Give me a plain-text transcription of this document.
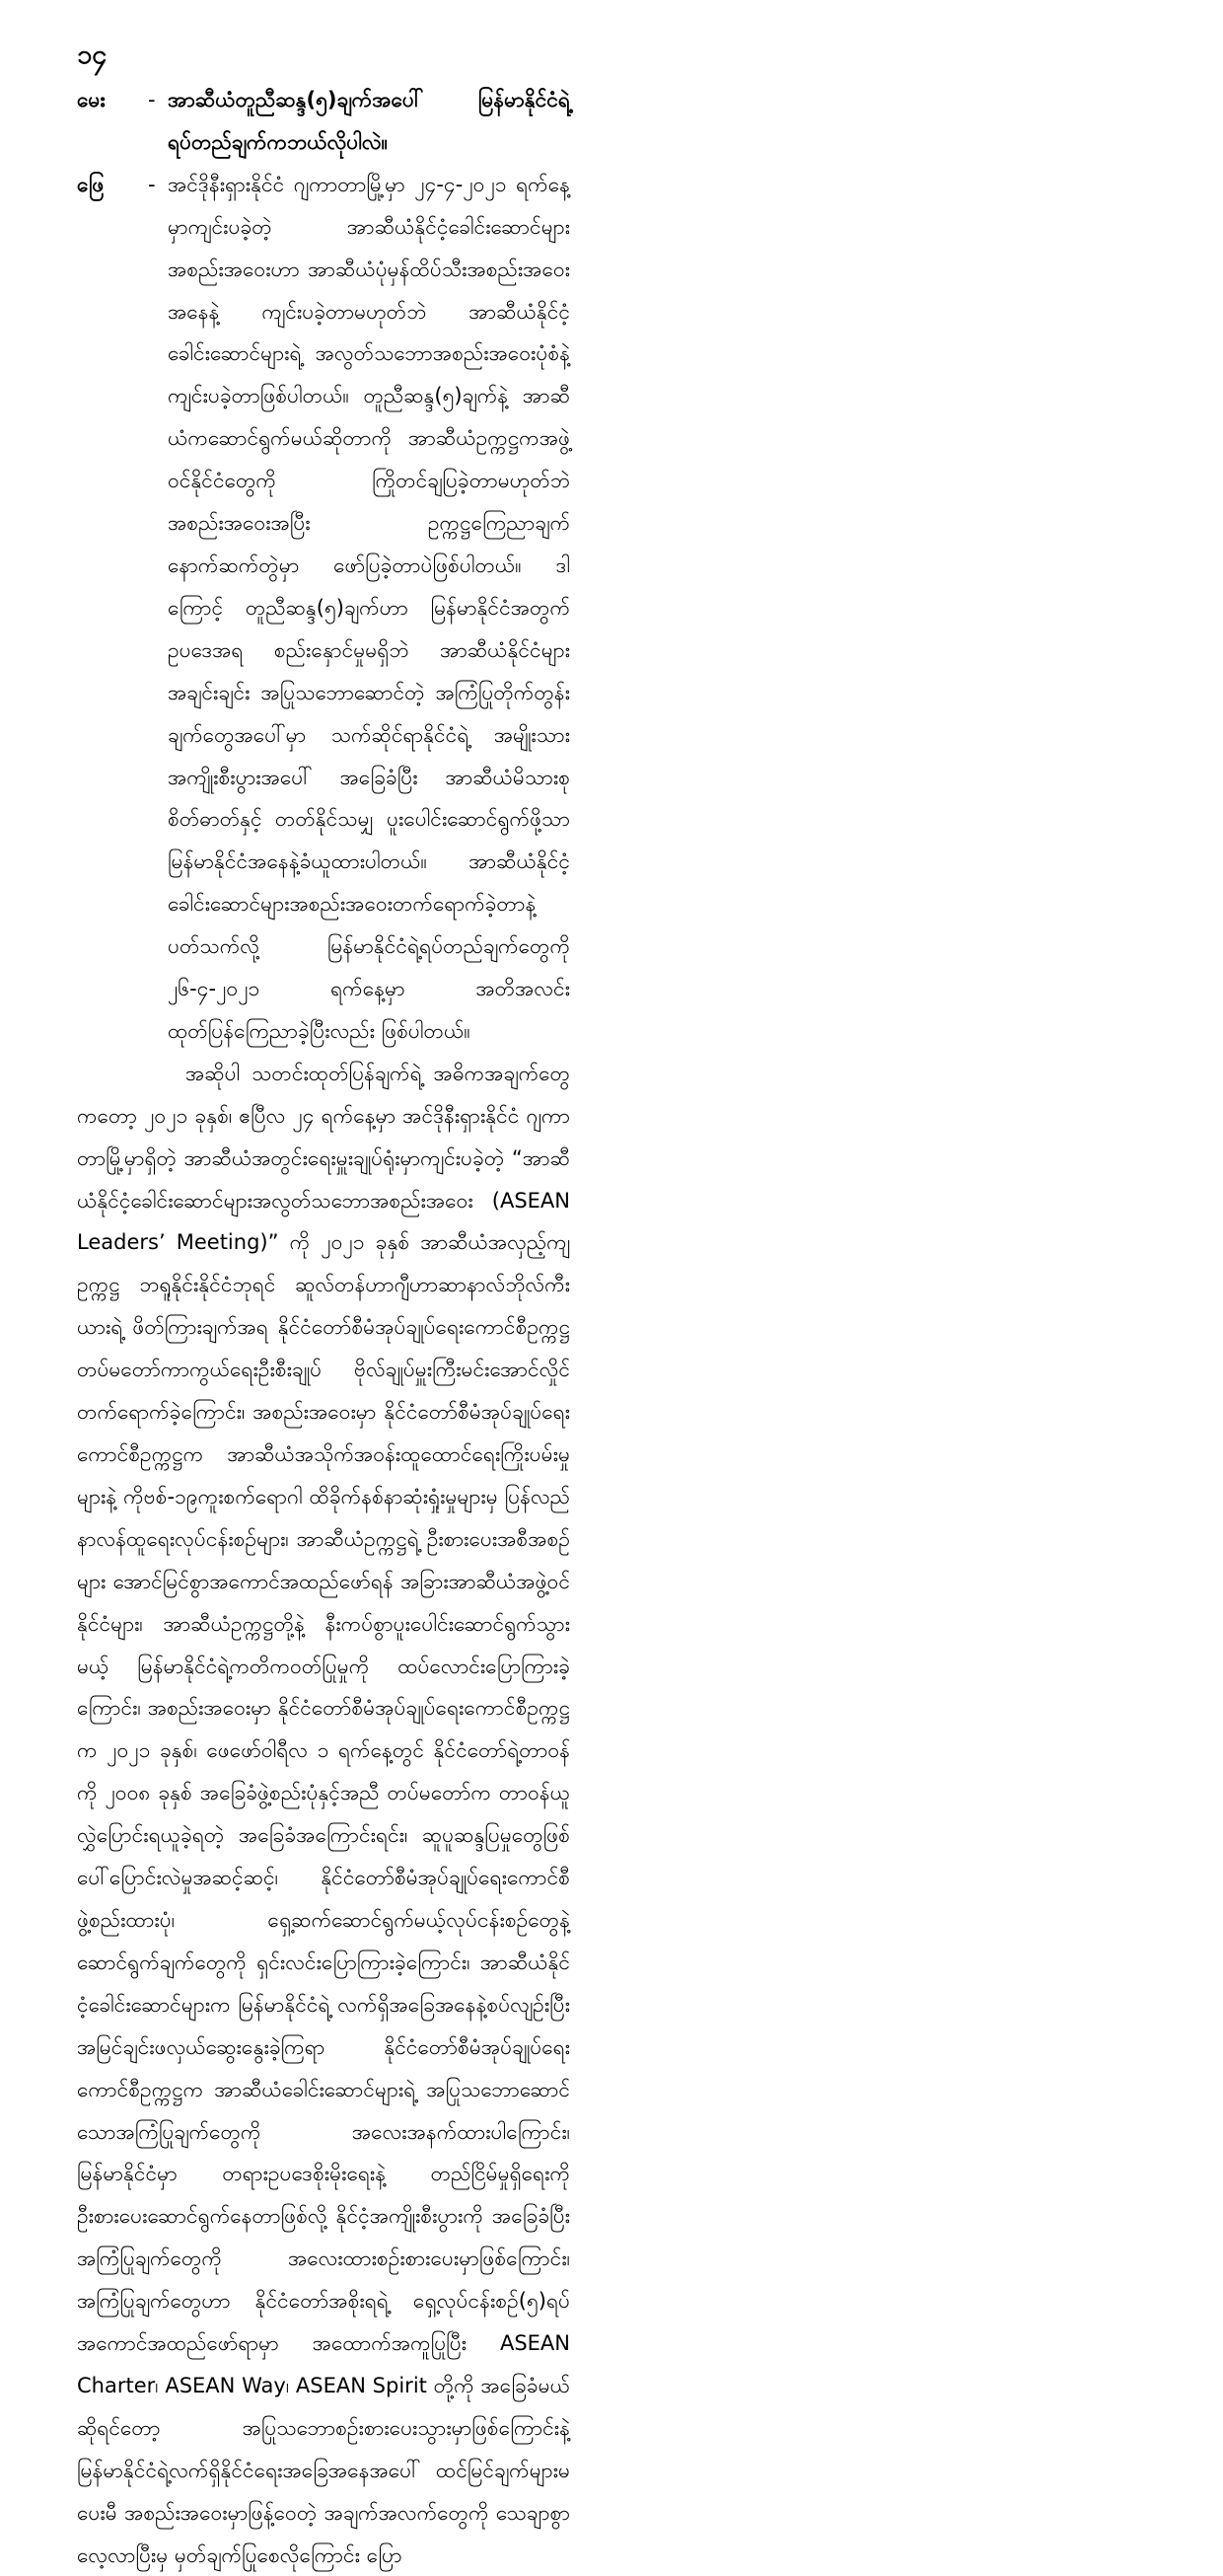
၁၄
မေး	- အာဆီယံတူညီဆန္ဒ(၅)ချက်အပေါ် မြန်မာနိုင်ငံရဲ့ရပ်တည်ချက်ကဘယ်လိုပါလဲ။
ဖြေ	- အင်ဒိုနီးရှားနိုင်ငံ ဂျကာတာမြို့မှာ ၂၄-၄-၂၀၂၁ ရက်နေ့မှာကျင်းပခဲ့တဲ့ အာဆီယံနိုင်ငံ့ခေါင်းဆောင်များအစည်းအဝေးဟာ အာဆီယံပုံမှန်ထိပ်သီးအစည်းအဝေးအနေနဲ့ ကျင်းပခဲ့တာမဟုတ်ဘဲ အာဆီယံနိုင်ငံ့ခေါင်းဆောင်များရဲ့ အလွတ်သဘောအစည်းအဝေးပုံစံနဲ့ကျင်းပခဲ့တာဖြစ်ပါတယ်။ တူညီဆန္ဒ(၅)ချက်နဲ့ အာဆီယံကဆောင်ရွက်မယ်ဆိုတာကို အာဆီယံဥက္ကဋ္ဌကအဖွဲ့ဝင်နိုင်ငံတွေကို ကြိုတင်ချပြခဲ့တာမဟုတ်ဘဲ အစည်းအဝေးအပြီး ဥက္ကဋ္ဌကြေညာချက်နောက်ဆက်တွဲမှာ ဖော်ပြခဲ့တာပဲဖြစ်ပါတယ်။ ဒါကြောင့် တူညီဆန္ဒ(၅)ချက်ဟာ မြန်မာနိုင်ငံအတွက် ဥပဒေအရ စည်းနှောင်မှုမရှိဘဲ အာဆီယံနိုင်ငံများအချင်းချင်း အပြုသဘောဆောင်တဲ့ အကြံပြုတိုက်တွန်းချက်တွေအပေါ်မှာ သက်ဆိုင်ရာနိုင်ငံရဲ့ အမျိုးသားအကျိုးစီးပွားအပေါ် အခြေခံပြီး အာဆီယံမိသားစုစိတ်ဓာတ်နှင့် တတ်နိုင်သမျှ ပူးပေါင်းဆောင်ရွက်ဖို့သာ မြန်မာနိုင်ငံအနေနဲ့ခံယူထားပါတယ်။ အာဆီယံနိုင်ငံ့ခေါင်းဆောင်များအစည်းအဝေးတက်ရောက်ခဲ့တာနဲ့ပတ်သက်လို့ မြန်မာနိုင်ငံရဲ့ရပ်တည်ချက်တွေကို ၂၆-၄-၂၀၂၁ ရက်နေ့မှာ အတိအလင်း ထုတ်ပြန်ကြေညာခဲ့ပြီးလည်း ဖြစ်ပါတယ်။
အဆိုပါ သတင်းထုတ်ပြန်ချက်ရဲ့ အဓိကအချက်တွေကတော့ ၂၀၂၁ ခုနှစ်၊ ဧပြီလ ၂၄ ရက်နေ့မှာ အင်ဒိုနီးရှားနိုင်ငံ ဂျကာတာမြို့မှာရှိတဲ့ အာဆီယံအတွင်းရေးမှူးချုပ်ရုံးမှာကျင်းပခဲ့တဲ့ “အာဆီယံနိုင်ငံ့ခေါင်းဆောင်များအလွတ်သဘောအစည်းအဝေး (ASEAN Leaders’ Meeting)” ကို ၂၀၂၁ ခုနှစ် အာဆီယံအလှည့်ကျဥက္ကဋ္ဌ ဘရူနိုင်းနိုင်ငံဘုရင် ဆူလ်တန်ဟာဂျီဟာဆာနာလ်ဘိုလ်ကီးယားရဲ့ ဖိတ်ကြားချက်အရ နိုင်ငံတော်စီမံအုပ်ချုပ်ရေးကောင်စီဥက္ကဋ္ဌ တပ်မတော်ကာကွယ်ရေးဦးစီးချုပ် ဗိုလ်ချုပ်မှူးကြီးမင်းအောင်လှိုင် တက်ရောက်ခဲ့ကြောင်း၊ အစည်းအဝေးမှာ နိုင်ငံတော်စီမံအုပ်ချုပ်ရေးကောင်စီဥက္ကဋ္ဌက အာဆီယံအသိုက်အဝန်းထူထောင်ရေးကြိုးပမ်းမှုများနဲ့ ကိုဗစ်-၁၉ကူးစက်ရောဂါ ထိခိုက်နစ်နာဆုံးရှုံးမှုများမှ ပြန်လည်နာလန်ထူရေးလုပ်ငန်းစဉ်များ၊ အာဆီယံဥက္ကဋ္ဌရဲ့ ဦးစားပေးအစီအစဉ်များ အောင်မြင်စွာအကောင်အထည်ဖော်ရန် အခြားအာဆီယံအဖွဲ့ဝင်နိုင်ငံများ၊ အာဆီယံဥက္ကဋ္ဌတို့နဲ့ နီးကပ်စွာပူးပေါင်းဆောင်ရွက်သွားမယ့် မြန်မာနိုင်ငံရဲ့ကတိကဝတ်ပြုမှုကို ထပ်လောင်းပြောကြားခဲ့ကြောင်း၊ အစည်းအဝေးမှာ နိုင်ငံတော်စီမံအုပ်ချုပ်ရေးကောင်စီဥက္ကဋ္ဌက ၂၀၂၁ ခုနှစ်၊ ဖေဖော်ဝါရီလ ၁ ရက်နေ့တွင် နိုင်ငံတော်ရဲ့တာဝန်ကို ၂၀၀၈ ခုနှစ် အခြေခံဖွဲ့စည်းပုံနှင့်အညီ တပ်မတော်က တာဝန်ယူလွှဲပြောင်းရယူခဲ့ရတဲ့ အခြေခံအကြောင်းရင်း၊ ဆူပူဆန္ဒပြမှုတွေဖြစ်ပေါ်ပြောင်းလဲမှုအဆင့်ဆင့်၊ နိုင်ငံတော်စီမံအုပ်ချုပ်ရေးကောင်စီဖွဲ့စည်းထားပုံ၊ ရှေ့ဆက်ဆောင်ရွက်မယ့်လုပ်ငန်းစဉ်တွေနဲ့ ဆောင်ရွက်ချက်တွေကို ရှင်းလင်းပြောကြားခဲ့ကြောင်း၊ အာဆီယံနိုင်ငံ့ခေါင်းဆောင်များက မြန်မာနိုင်ငံရဲ့ လက်ရှိအခြေအနေနဲ့စပ်လျဉ်းပြီး အမြင်ချင်းဖလှယ်ဆွေးနွေးခဲ့ကြရာ နိုင်ငံတော်စီမံအုပ်ချုပ်ရေးကောင်စီဥက္ကဋ္ဌက အာဆီယံခေါင်းဆောင်များရဲ့ အပြုသဘောဆောင်သောအကြံပြုချက်တွေကို အလေးအနက်ထားပါကြောင်း၊ မြန်မာနိုင်ငံမှာ တရားဥပဒေစိုးမိုးရေးနဲ့ တည်ငြိမ်မှုရှိရေးကို ဦးစားပေးဆောင်ရွက်နေတာဖြစ်လို့ နိုင်ငံ့အကျိုးစီးပွားကို အခြေခံပြီး အကြံပြုချက်တွေကို အလေးထားစဉ်းစားပေးမှာဖြစ်ကြောင်း၊ အကြံပြုချက်တွေဟာ နိုင်ငံတော်အစိုးရရဲ့ ရှေ့လုပ်ငန်းစဉ်(၅)ရပ်အကောင်အထည်ဖော်ရာမှာ အထောက်အကူပြုပြီး ASEAN Charter၊ ASEAN Way၊ ASEAN Spirit တို့ကို အခြေခံမယ်ဆိုရင်တော့ အပြုသဘောစဉ်းစားပေးသွားမှာဖြစ်ကြောင်းနဲ့ မြန်မာနိုင်ငံရဲ့လက်ရှိနိုင်ငံရေးအခြေအနေအပေါ် ထင်မြင်ချက်များမပေးမီ အစည်းအဝေးမှာဖြန့်ဝေတဲ့ အချက်အလက်တွေကို သေချာစွာလေ့လာပြီးမှ မှတ်ချက်ပြုစေလိုကြောင်း ပြော
